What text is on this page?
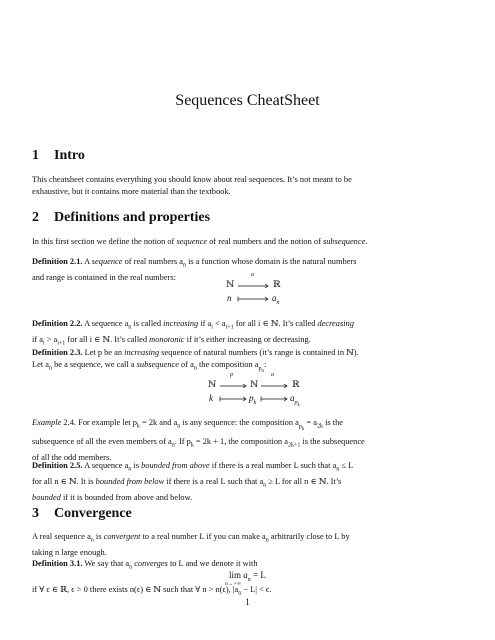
Sequences CheatSheet
1 Intro
This cheatsheet contains everything you should know about real sequences. It’s not meant to be
exhaustive, but it contains more material than the textbook.
2 Definitions and properties
In this first section we define the notion of sequence of real numbers and the notion of subsequence.
Definition 2.1. A sequence of real numbers $a_n$ is a function whose domain is the natural numbers
and range is contained in the real numbers:
ℕ	ℝ
a
n	$a_n$
Definition 2.2. A sequence $a_n$ is called increasing if $a_i < a_{i+1}$ for all i ∈ ℕ. It’s called decreasing
if $a_i > a_{i+1}$ for all i ∈ ℕ. It’s called monotonic if it’s either increasing or decreasing.
Definition 2.3. Let p be an increasing sequence of natural numbers (it’s range is contained in ℕ).
Let $a_n$ be a sequence, we call a subsequence of $a_n$ the composition $a_{p_n}$:
ℕ	ℕ	ℝ
p	a
k	$p_k$	$a_{p_k}$
Example 2.4. For example let $p_k = 2k$ and $a_n$ is any sequence: the composition $a_{p_k} = a_{2k}$ is the
subsequence of all the even members of $a_n$. If $p_k = 2k + 1$, the composition $a_{2k+1}$ is the subsequence
of all the odd members.
Definition 2.5. A sequence $a_n$ is bounded from above if there is a real number L such that $a_n \le L$
for all n ∈ ℕ. It is bounded from below if there is a real L such that $a_n \ge L$ for all n ∈ ℕ. It’s
bounded if it is bounded from above and below.
3 Convergence
A real sequence $a_n$ is convergent to a real number L if you can make $a_n$ arbitrarily close to L by
taking n large enough.
Definition 3.1. We say that $a_n$ converges to L and we denote it with
$\lim a_n = L$
n→+∞
if ∀ ϵ ∈ ℝ, ϵ > 0 there exists n(ϵ) ∈ ℕ such that ∀ n > n(ϵ), $|a_n - L| < \epsilon$.
1
